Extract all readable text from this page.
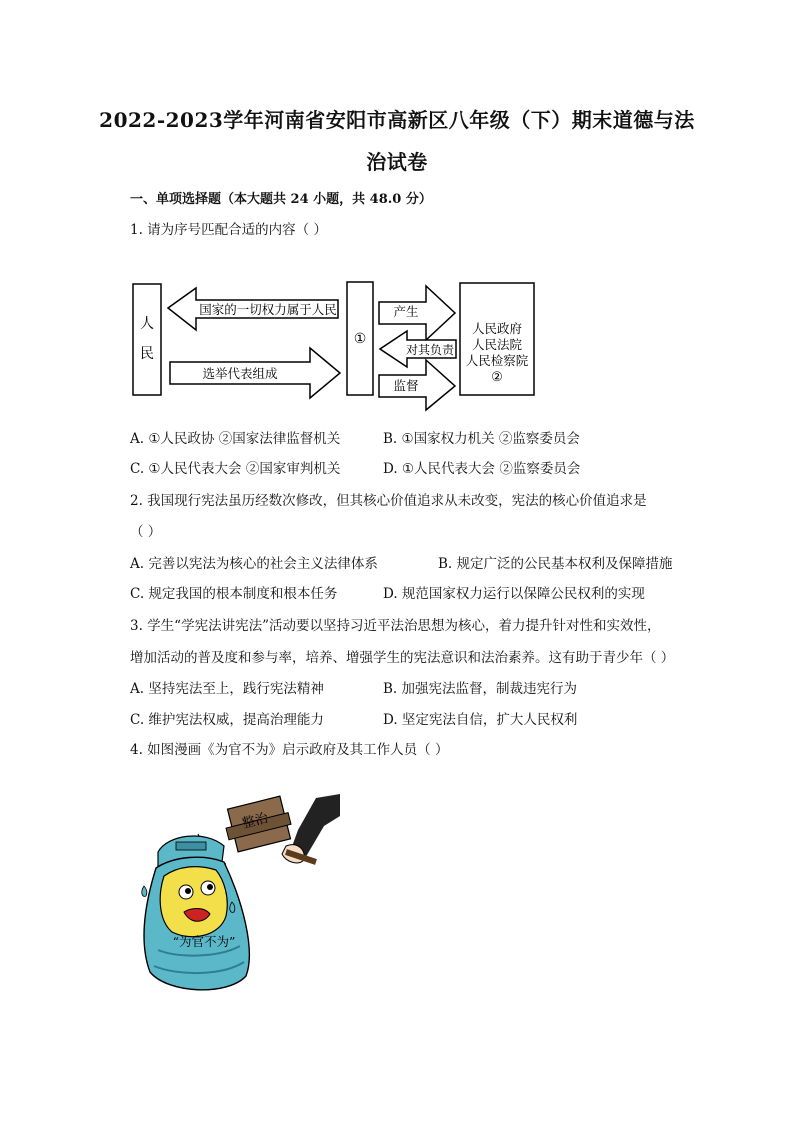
2022-2023学年河南省安阳市高新区八年级（下）期末道德与法
治试卷
一、单项选择题（本大题共 24 小题，共 48.0 分）
1. 请为序号匹配合适的内容（ ）
人
民
国家的一切权力属于人民
选举代表组成
①
产生
对其负责
监督
人民政府
人民法院
人民检察院
②
A. ①人民政协 ②国家法律监督机关	B. ①国家权力机关 ②监察委员会
C. ①人民代表大会 ②国家审判机关	D. ①人民代表大会 ②监察委员会
2. 我国现行宪法虽历经数次修改，但其核心价值追求从未改变，宪法的核心价值追求是
（ ）
A. 完善以宪法为核心的社会主义法律体系	B. 规定广泛的公民基本权利及保障措施
C. 规定我国的根本制度和根本任务	D. 规范国家权力运行以保障公民权利的实现
3. 学生“学宪法讲宪法”活动要以坚持习近平法治思想为核心，着力提升针对性和实效性，
增加活动的普及度和参与率，培养、增强学生的宪法意识和法治素养。这有助于青少年（ ）
A. 坚持宪法至上，践行宪法精神	B. 加强宪法监督，制裁违宪行为
C. 维护宪法权威，提高治理能力	D. 坚定宪法自信，扩大人民权利
4. 如图漫画《为官不为》启示政府及其工作人员（ ）
整治
“为官不为”
